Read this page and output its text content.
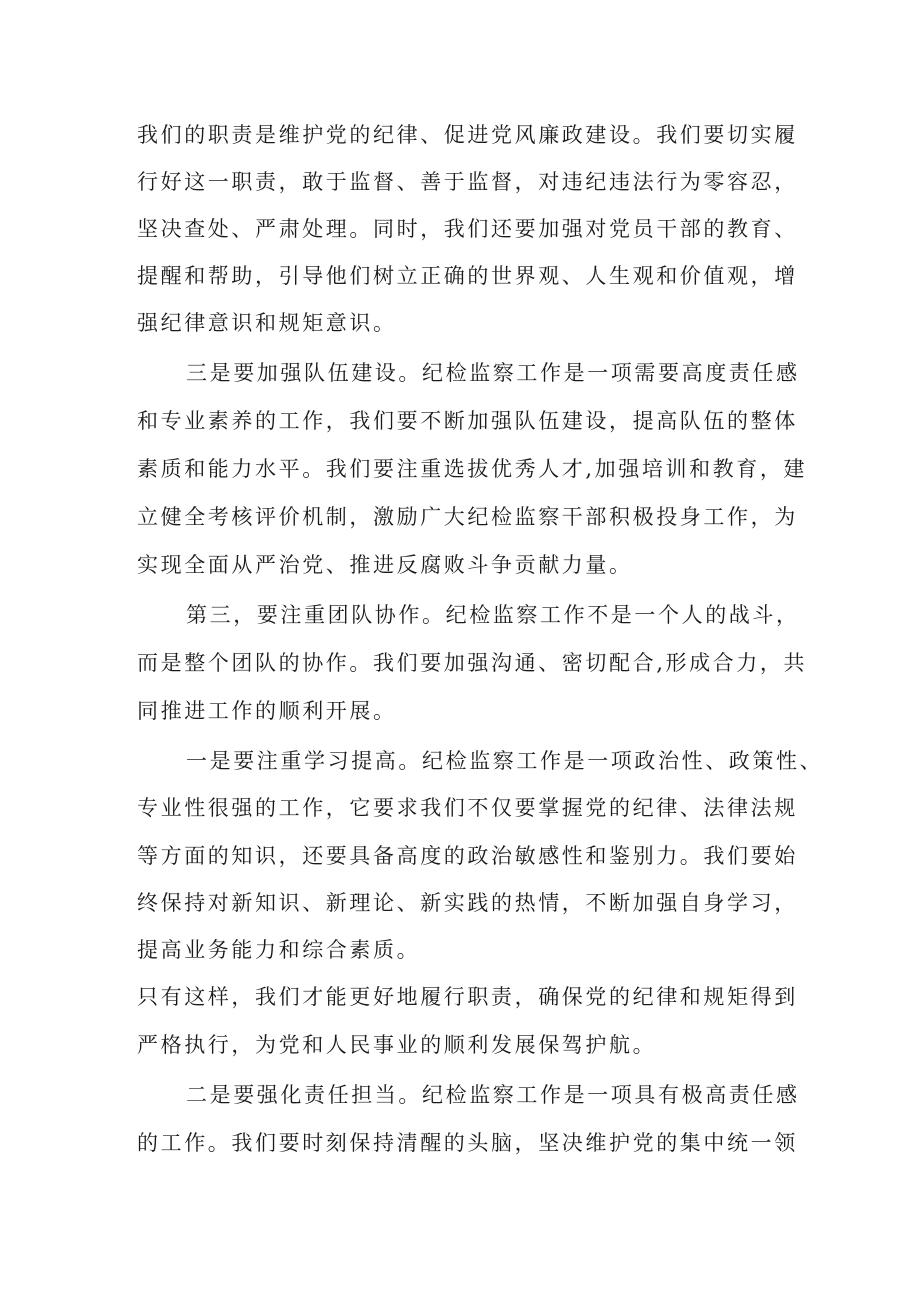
我们的职责是维护党的纪律、促进党风廉政建设。我们要切实履
行好这一职责，敢于监督、善于监督，对违纪违法行为零容忍，
坚决查处、严肃处理。同时，我们还要加强对党员干部的教育、
提醒和帮助，引导他们树立正确的世界观、人生观和价值观，增
强纪律意识和规矩意识。
三是要加强队伍建设。纪检监察工作是一项需要高度责任感
和专业素养的工作，我们要不断加强队伍建设，提高队伍的整体
素质和能力水平。我们要注重选拔优秀人才,加强培训和教育，建
立健全考核评价机制，激励广大纪检监察干部积极投身工作，为
实现全面从严治党、推进反腐败斗争贡献力量。
第三，要注重团队协作。纪检监察工作不是一个人的战斗，
而是整个团队的协作。我们要加强沟通、密切配合,形成合力，共
同推进工作的顺利开展。
一是要注重学习提高。纪检监察工作是一项政治性、政策性、
专业性很强的工作，它要求我们不仅要掌握党的纪律、法律法规
等方面的知识，还要具备高度的政治敏感性和鉴别力。我们要始
终保持对新知识、新理论、新实践的热情，不断加强自身学习，
提高业务能力和综合素质。
只有这样，我们才能更好地履行职责，确保党的纪律和规矩得到
严格执行，为党和人民事业的顺利发展保驾护航。
二是要强化责任担当。纪检监察工作是一项具有极高责任感
的工作。我们要时刻保持清醒的头脑，坚决维护党的集中统一领
